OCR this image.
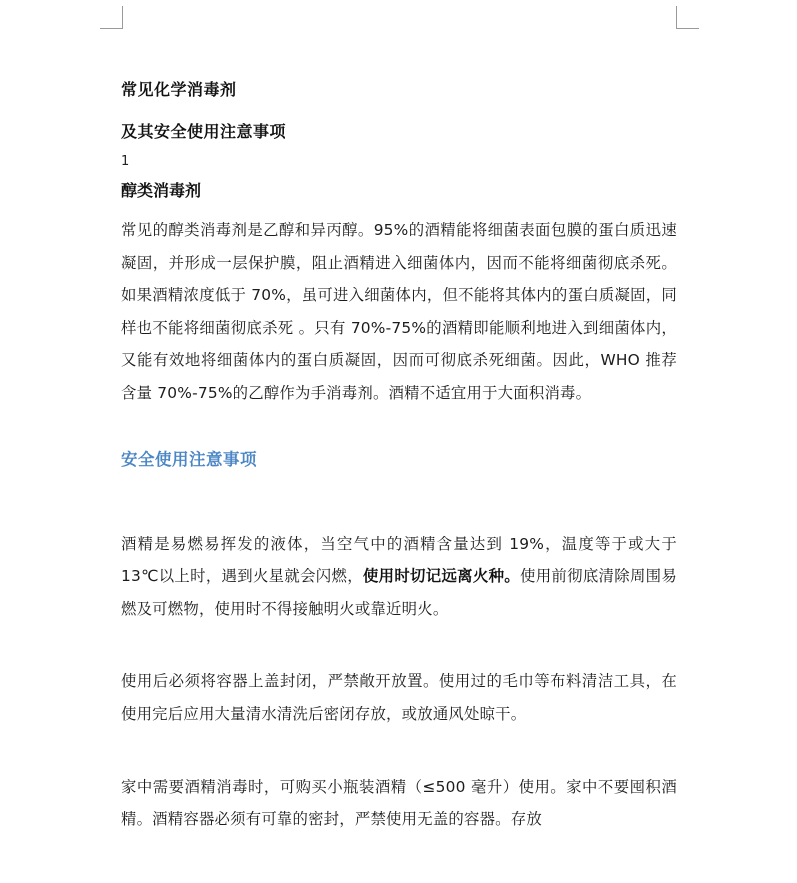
常见化学消毒剂

及其安全使用注意事项

1

醇类消毒剂

常见的醇类消毒剂是乙醇和异丙醇。95%的酒精能将细菌表面包膜的蛋白质迅速凝固，并形成一层保护膜，阻止酒精进入细菌体内，因而不能将细菌彻底杀死。如果酒精浓度低于 70%，虽可进入细菌体内，但不能将其体内的蛋白质凝固，同样也不能将细菌彻底杀死 。只有 70%-75%的酒精即能顺利地进入到细菌体内，又能有效地将细菌体内的蛋白质凝固，因而可彻底杀死细菌。因此，WHO 推荐含量 70%-75%的乙醇作为手消毒剂。酒精不适宜用于大面积消毒。

安全使用注意事项

酒精是易燃易挥发的液体，当空气中的酒精含量达到 19%，温度等于或大于 13℃以上时，遇到火星就会闪燃，使用时切记远离火种。使用前彻底清除周围易燃及可燃物，使用时不得接触明火或靠近明火。

使用后必须将容器上盖封闭，严禁敞开放置。使用过的毛巾等布料清洁工具，在使用完后应用大量清水清洗后密闭存放，或放通风处晾干。

家中需要酒精消毒时，可购买小瓶装酒精（≤500 毫升）使用。家中不要囤积酒精。酒精容器必须有可靠的密封，严禁使用无盖的容器。存放
